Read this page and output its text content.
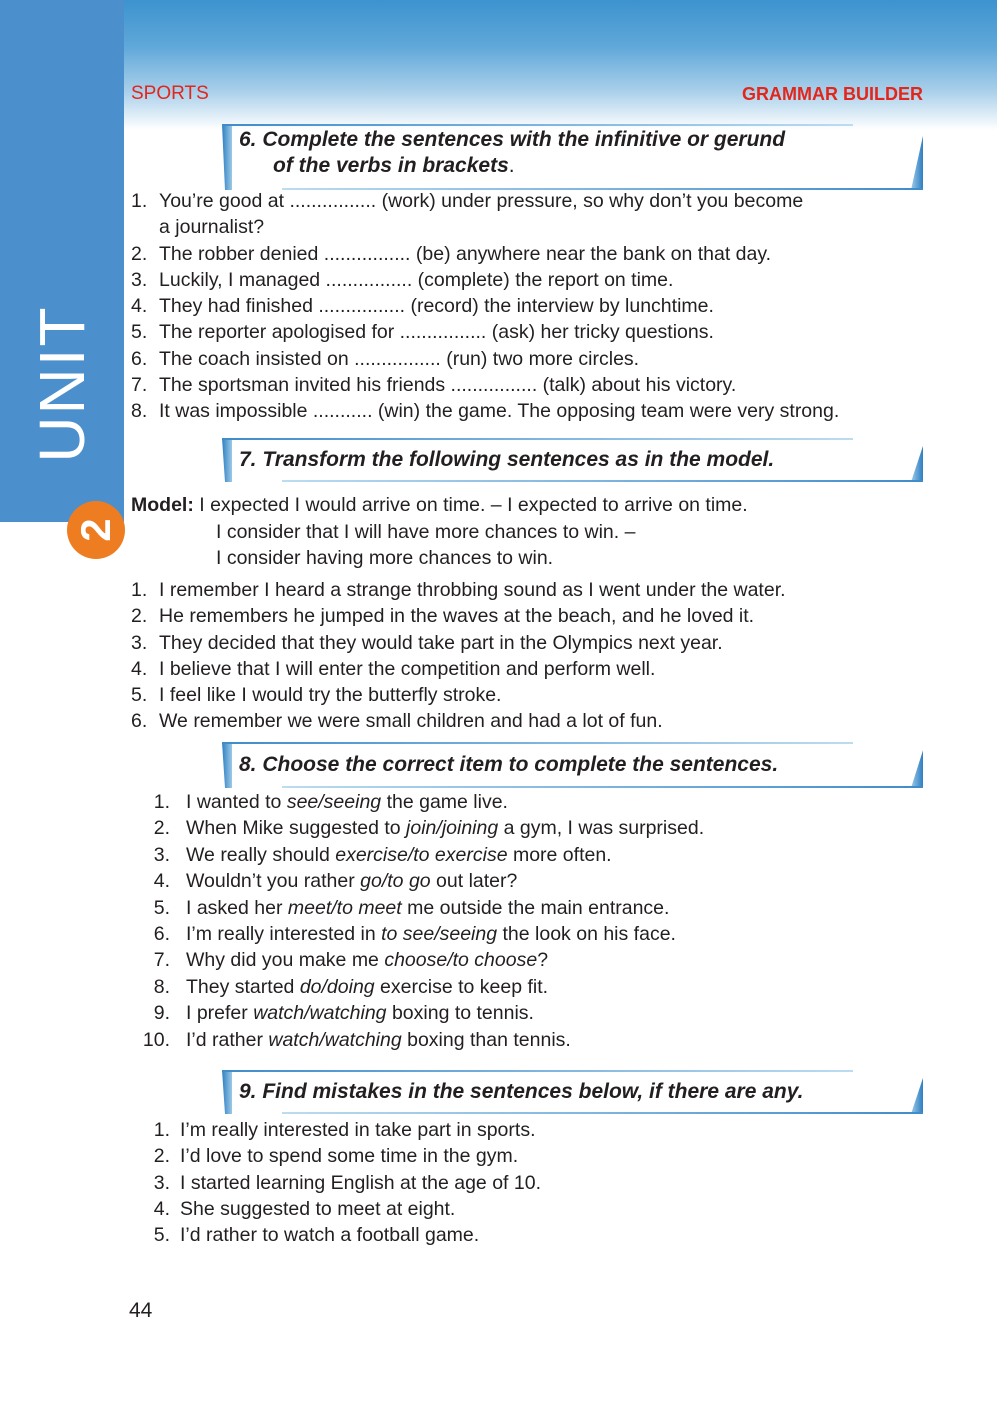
UNIT
2
SPORTS	GRAMMAR BUILDER
6. Complete the sentences with the infinitive or gerund
of the verbs in brackets.
1. You’re good at ................ (work) under pressure, so why don’t you become
a journalist?
2. The robber denied ................ (be) anywhere near the bank on that day.
3. Luckily, I managed ................ (complete) the report on time.
4. They had finished ................ (record) the interview by lunchtime.
5. The reporter apologised for ................ (ask) her tricky questions.
6. The coach insisted on ................ (run) two more circles.
7. The sportsman invited his friends ................ (talk) about his victory.
8. It was impossible ........... (win) the game. The opposing team were very strong.
7. Transform the following sentences as in the model.
Model: I expected I would arrive on time. – I expected to arrive on time.
I consider that I will have more chances to win. –
I consider having more chances to win.
1. I remember I heard a strange throbbing sound as I went under the water.
2. He remembers he jumped in the waves at the beach, and he loved it.
3. They decided that they would take part in the Olympics next year.
4. I believe that I will enter the competition and perform well.
5. I feel like I would try the butterfly stroke.
6. We remember we were small children and had a lot of fun.
8. Choose the correct item to complete the sentences.
1. I wanted to see/seeing the game live.
2. When Mike suggested to join/joining a gym, I was surprised.
3. We really should exercise/to exercise more often.
4. Wouldn’t you rather go/to go out later?
5. I asked her meet/to meet me outside the main entrance.
6. I’m really interested in to see/seeing the look on his face.
7. Why did you make me choose/to choose?
8. They started do/doing exercise to keep fit.
9. I prefer watch/watching boxing to tennis.
10. I’d rather watch/watching boxing than tennis.
9. Find mistakes in the sentences below, if there are any.
1. I’m really interested in take part in sports.
2. I’d love to spend some time in the gym.
3. I started learning English at the age of 10.
4. She suggested to meet at eight.
5. I’d rather to watch a football game.
44
